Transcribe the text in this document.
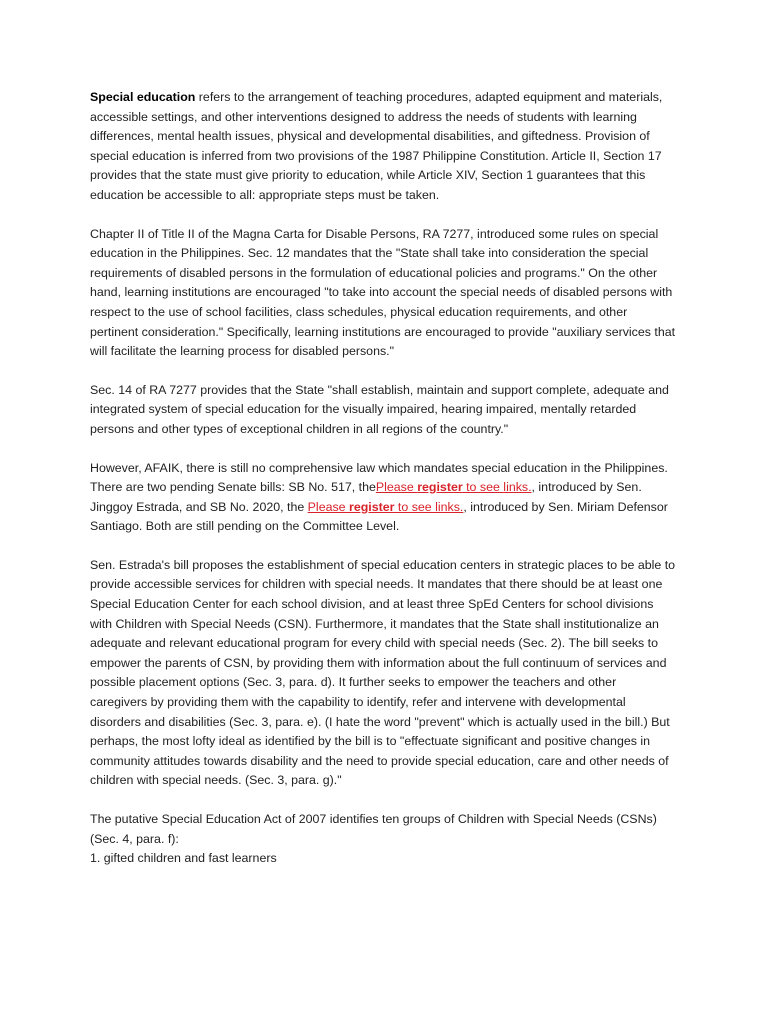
Special education refers to the arrangement of teaching procedures, adapted equipment and materials, accessible settings, and other interventions designed to address the needs of students with learning differences, mental health issues, physical and developmental disabilities, and giftedness. Provision of special education is inferred from two provisions of the 1987 Philippine Constitution. Article II, Section 17 provides that the state must give priority to education, while Article XIV, Section 1 guarantees that this education be accessible to all: appropriate steps must be taken.

Chapter II of Title II of the Magna Carta for Disable Persons, RA 7277, introduced some rules on special education in the Philippines. Sec. 12 mandates that the "State shall take into consideration the special requirements of disabled persons in the formulation of educational policies and programs." On the other hand, learning institutions are encouraged "to take into account the special needs of disabled persons with respect to the use of school facilities, class schedules, physical education requirements, and other pertinent consideration." Specifically, learning institutions are encouraged to provide "auxiliary services that will facilitate the learning process for disabled persons."

Sec. 14 of RA 7277 provides that the State "shall establish, maintain and support complete, adequate and integrated system of special education for the visually impaired, hearing impaired, mentally retarded persons and other types of exceptional children in all regions of the country."

However, AFAIK, there is still no comprehensive law which mandates special education in the Philippines. There are two pending Senate bills: SB No. 517, thePlease register to see links., introduced by Sen. Jinggoy Estrada, and SB No. 2020, the Please register to see links., introduced by Sen. Miriam Defensor Santiago. Both are still pending on the Committee Level.

Sen. Estrada's bill proposes the establishment of special education centers in strategic places to be able to provide accessible services for children with special needs. It mandates that there should be at least one Special Education Center for each school division, and at least three SpEd Centers for school divisions with Children with Special Needs (CSN). Furthermore, it mandates that the State shall institutionalize an adequate and relevant educational program for every child with special needs (Sec. 2). The bill seeks to empower the parents of CSN, by providing them with information about the full continuum of services and possible placement options (Sec. 3, para. d). It further seeks to empower the teachers and other caregivers by providing them with the capability to identify, refer and intervene with developmental disorders and disabilities (Sec. 3, para. e). (I hate the word "prevent" which is actually used in the bill.) But perhaps, the most lofty ideal as identified by the bill is to "effectuate significant and positive changes in community attitudes towards disability and the need to provide special education, care and other needs of children with special needs. (Sec. 3, para. g)."

The putative Special Education Act of 2007 identifies ten groups of Children with Special Needs (CSNs) (Sec. 4, para. f):

1. gifted children and fast learners
